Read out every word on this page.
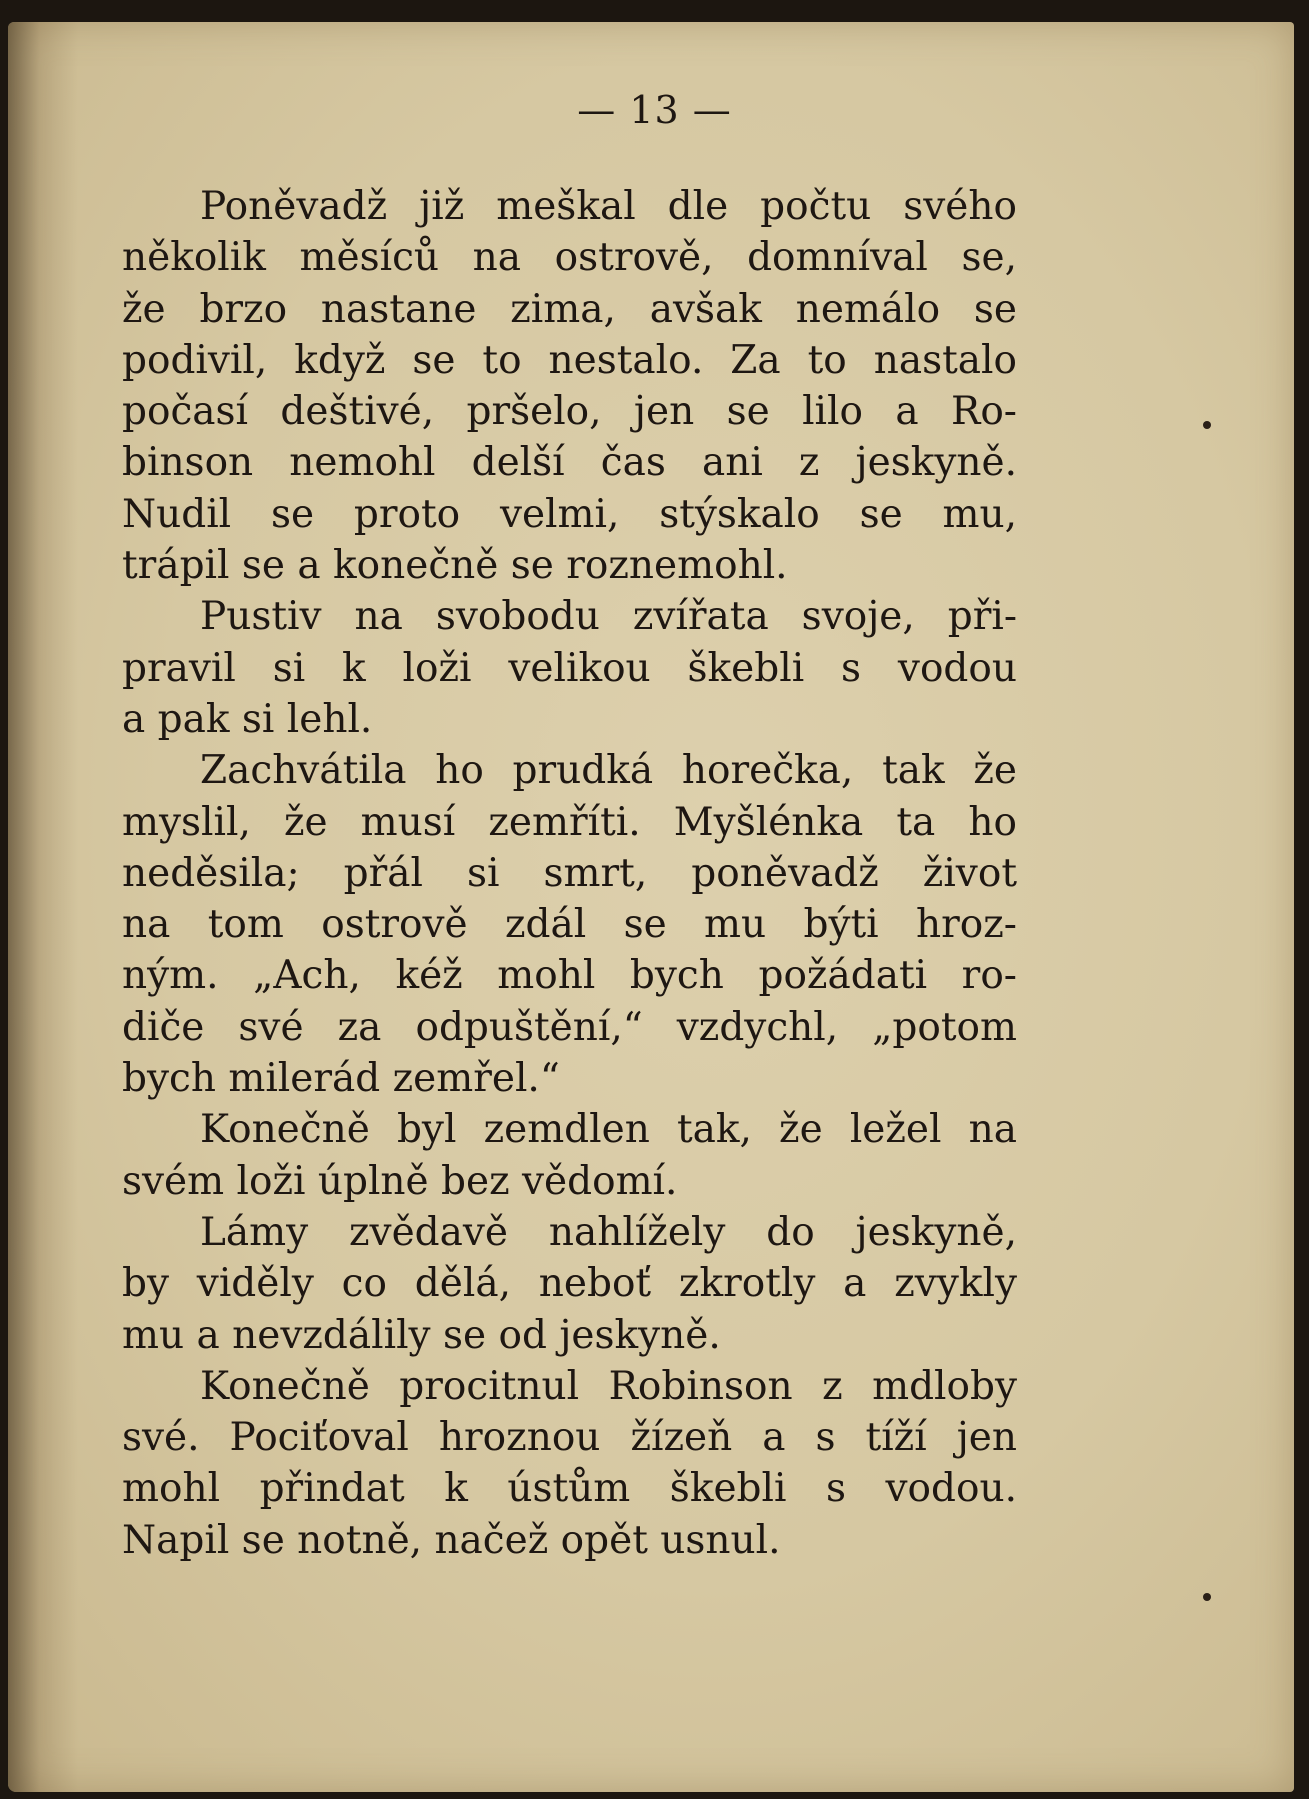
— 13 —
Poněvadž již meškal dle počtu svého
několik měsíců na ostrově, domníval se,
že brzo nastane zima, avšak nemálo se
podivil, když se to nestalo. Za to nastalo
počasí deštivé, pršelo, jen se lilo a Ro-
binson nemohl delší čas ani z jeskyně.
Nudil se proto velmi, stýskalo se mu,
trápil se a konečně se roznemohl.
Pustiv na svobodu zvířata svoje, při-
pravil si k loži velikou škebli s vodou
a pak si lehl.
Zachvátila ho prudká horečka, tak že
myslil, že musí zemříti. Myšlénka ta ho
neděsila; přál si smrt, poněvadž život
na tom ostrově zdál se mu býti hroz-
ným. „Ach, kéž mohl bych požádati ro-
diče své za odpuštění,“ vzdychl, „potom
bych milerád zemřel.“
Konečně byl zemdlen tak, že ležel na
svém loži úplně bez vědomí.
Lámy zvědavě nahlížely do jeskyně,
by viděly co dělá, neboť zkrotly a zvykly
mu a nevzdálily se od jeskyně.
Konečně procitnul Robinson z mdloby
své. Pociťoval hroznou žízeň a s tíží jen
mohl přindat k ústům škebli s vodou.
Napil se notně, načež opět usnul.
